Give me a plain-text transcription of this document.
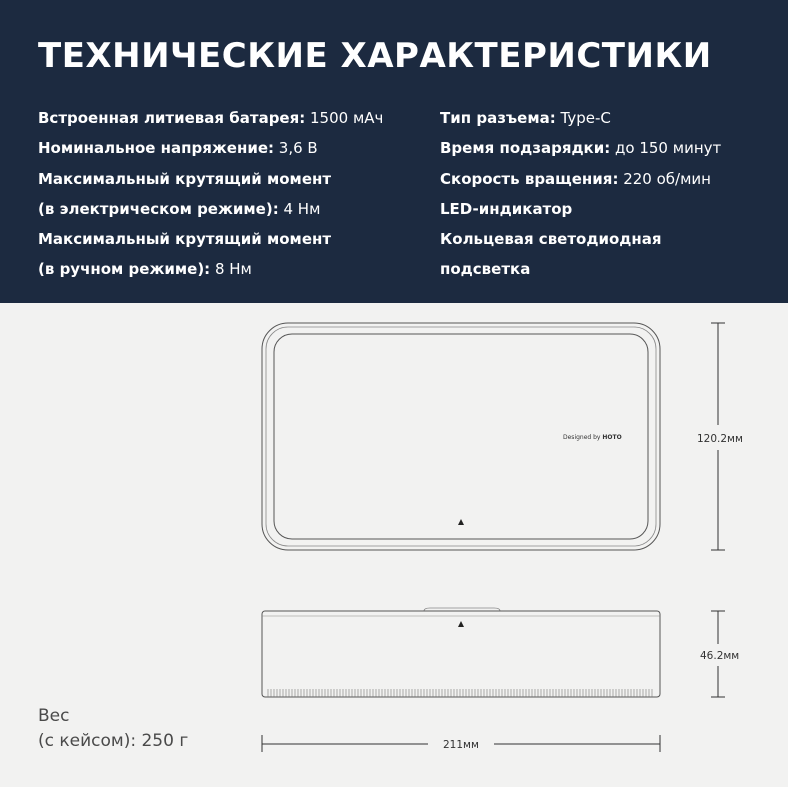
ТЕХНИЧЕСКИЕ ХАРАКТЕРИСТИКИ
Встроенная литиевая батарея: 1500 мАч
Номинальное напряжение: 3,6 В
Максимальный крутящий момент
(в электрическом режиме): 4 Нм
Максимальный крутящий момент
(в ручном режиме): 8 Нм
Тип разъема: Type-C
Время подзарядки: до 150 минут
Скорость вращения: 220 об/мин
LED-индикатор
Кольцевая светодиодная
подсветка
Designed by HOTO	120.2мм
46.2мм
211мм
Вес
(с кейсом): 250 г
